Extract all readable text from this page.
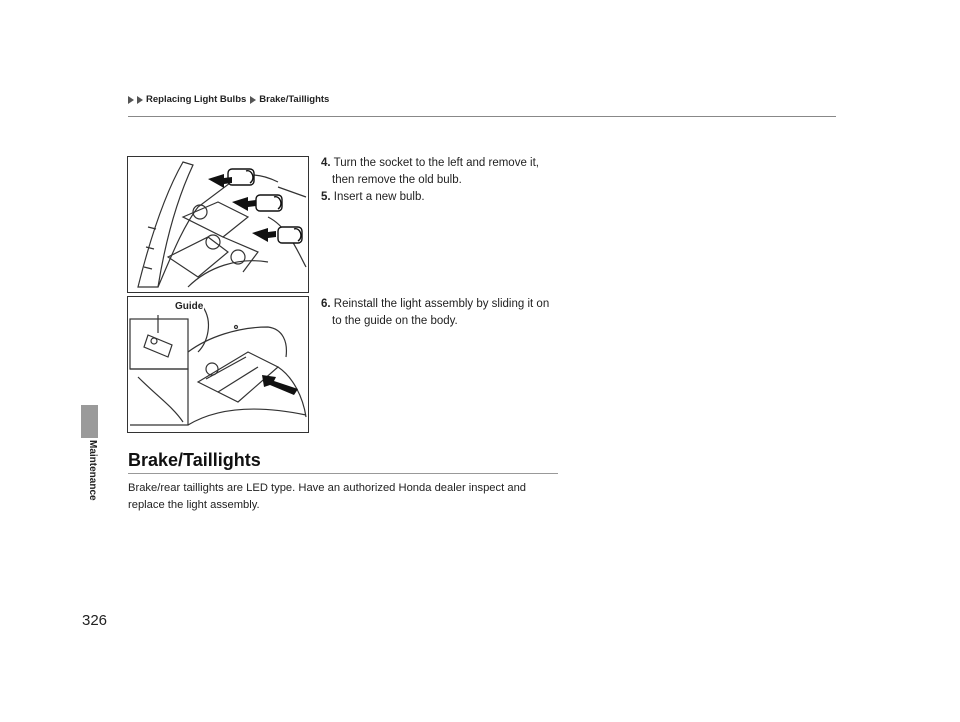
Replacing Light Bulbs Brake/Taillights
Maintenance
Guide
4. Turn the socket to the left and remove it,
then remove the old bulb.
5. Insert a new bulb.
6. Reinstall the light assembly by sliding it on
to the guide on the body.
Brake/Taillights
Brake/rear taillights are LED type. Have an authorized Honda dealer inspect and replace the light assembly.
326
